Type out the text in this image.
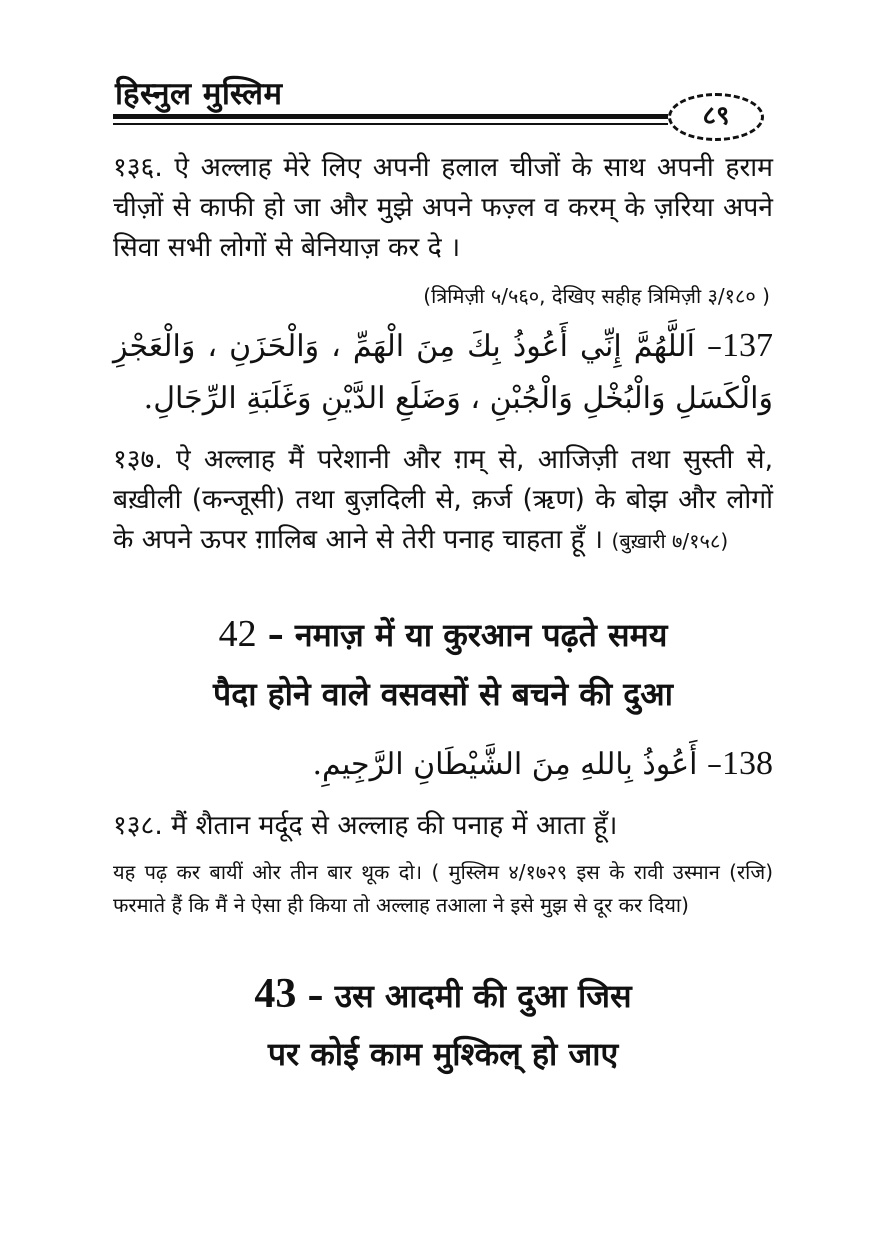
हिस्नुल मुस्लिम
८९
१३६. ऐ अल्लाह मेरे लिए अपनी हलाल चीजों के साथ अपनी हराम चीज़ों से काफी हो जा और मुझे अपने फज़्ल व करम् के ज़रिया अपने सिवा सभी लोगों से बेनियाज़ कर दे ।
(त्रिमिज़ी ५/५६०, देखिए सहीह त्रिमिज़ी ३/१८० )
137– اَللَّهُمَّ إِنِّي أَعُوذُ بِكَ مِنَ الْهَمِّ ، وَالْحَزَنِ ، وَالْعَجْزِ وَالْكَسَلِ وَالْبُخْلِ وَالْجُبْنِ ، وَضَلَعِ الدَّيْنِ وَغَلَبَةِ الرِّجَالِ.
१३७. ऐ अल्लाह मैं परेशानी और ग़म् से, आजिज़ी तथा सुस्ती से, बख़ीली (कन्जूसी) तथा बुज़दिली से, क़र्ज (ऋण) के बोझ और लोगों के अपने ऊपर ग़ालिब आने से तेरी पनाह चाहता हूँ । (बुख़ारी ७/१५८)
42 – नमाज़ में या कुरआन पढ़ते समय
पैदा होने वाले वसवसों से बचने की दुआ
138– أَعُوذُ بِاللهِ مِنَ الشَّيْطَانِ الرَّجِيمِ.
१३८. मैं शैतान मर्दूद से अल्लाह की पनाह में आता हूँ।
यह पढ़ कर बायीं ओर तीन बार थूक दो। ( मुस्लिम ४/१७२९ इस के रावी उस्मान (रजि) फरमाते हैं कि मैं ने ऐसा ही किया तो अल्लाह तआला ने इसे मुझ से दूर कर दिया)
43 – उस आदमी की दुआ जिस
पर कोई काम मुश्किल् हो जाए
